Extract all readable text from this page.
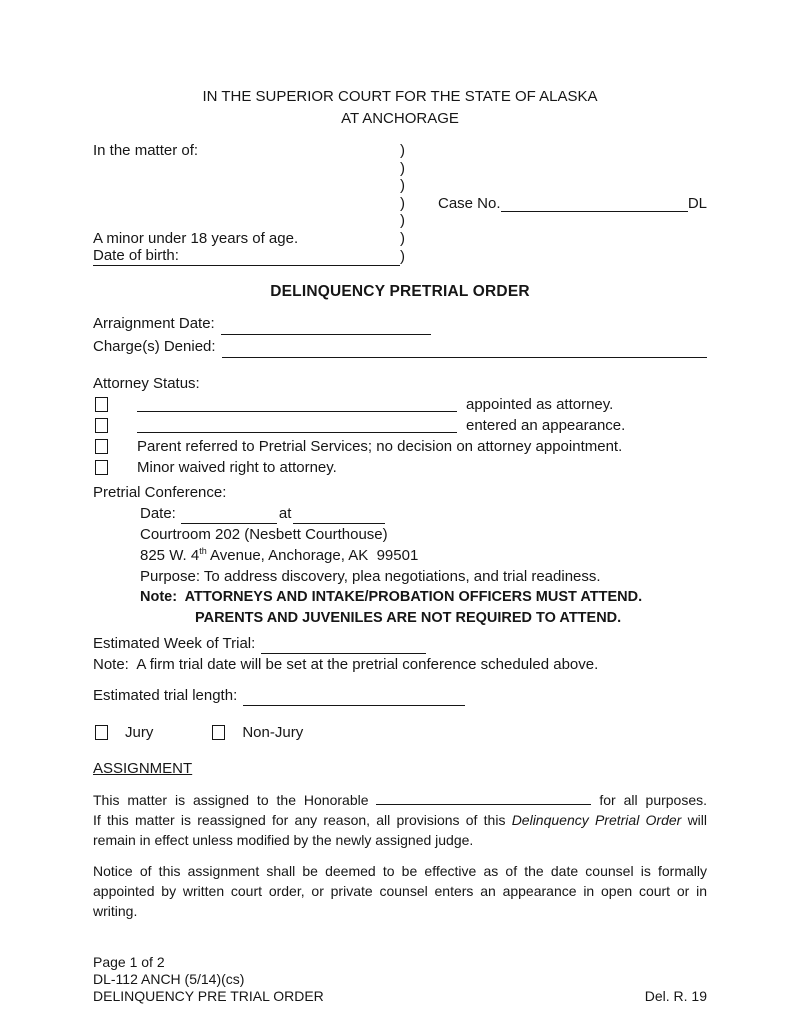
IN THE SUPERIOR COURT FOR THE STATE OF ALASKA
AT ANCHORAGE
In the matter of:	)
)
)
)	Case No.	DL
)
A minor under 18 years of age.	)
Date of birth:	)
DELINQUENCY PRETRIAL ORDER
Arraignment Date:
Charge(s) Denied:
Attorney Status:
appointed as attorney.
entered an appearance.
Parent referred to Pretrial Services; no decision on attorney appointment.
Minor waived right to attorney.
Pretrial Conference:
Date:	at
Courtroom 202 (Nesbett Courthouse)
825 W. 4th Avenue, Anchorage, AK  99501
Purpose: To address discovery, plea negotiations, and trial readiness.
Note:  ATTORNEYS AND INTAKE/PROBATION OFFICERS MUST ATTEND.
PARENTS AND JUVENILES ARE NOT REQUIRED TO ATTEND.
Estimated Week of Trial:
Note:  A firm trial date will be set at the pretrial conference scheduled above.
Estimated trial length:
Jury	Non-Jury
ASSIGNMENT
This matter is assigned to the Honorable	for all purposes.
If this matter is reassigned for any reason, all provisions of this Delinquency Pretrial Order will
remain in effect unless modified by the newly assigned judge.
Notice of this assignment shall be deemed to be effective as of the date counsel is formally
appointed by written court order, or private counsel enters an appearance in open court or in
writing.
Page 1 of 2
DL-112 ANCH (5/14)(cs)
DELINQUENCY PRE TRIAL ORDER	Del. R. 19
